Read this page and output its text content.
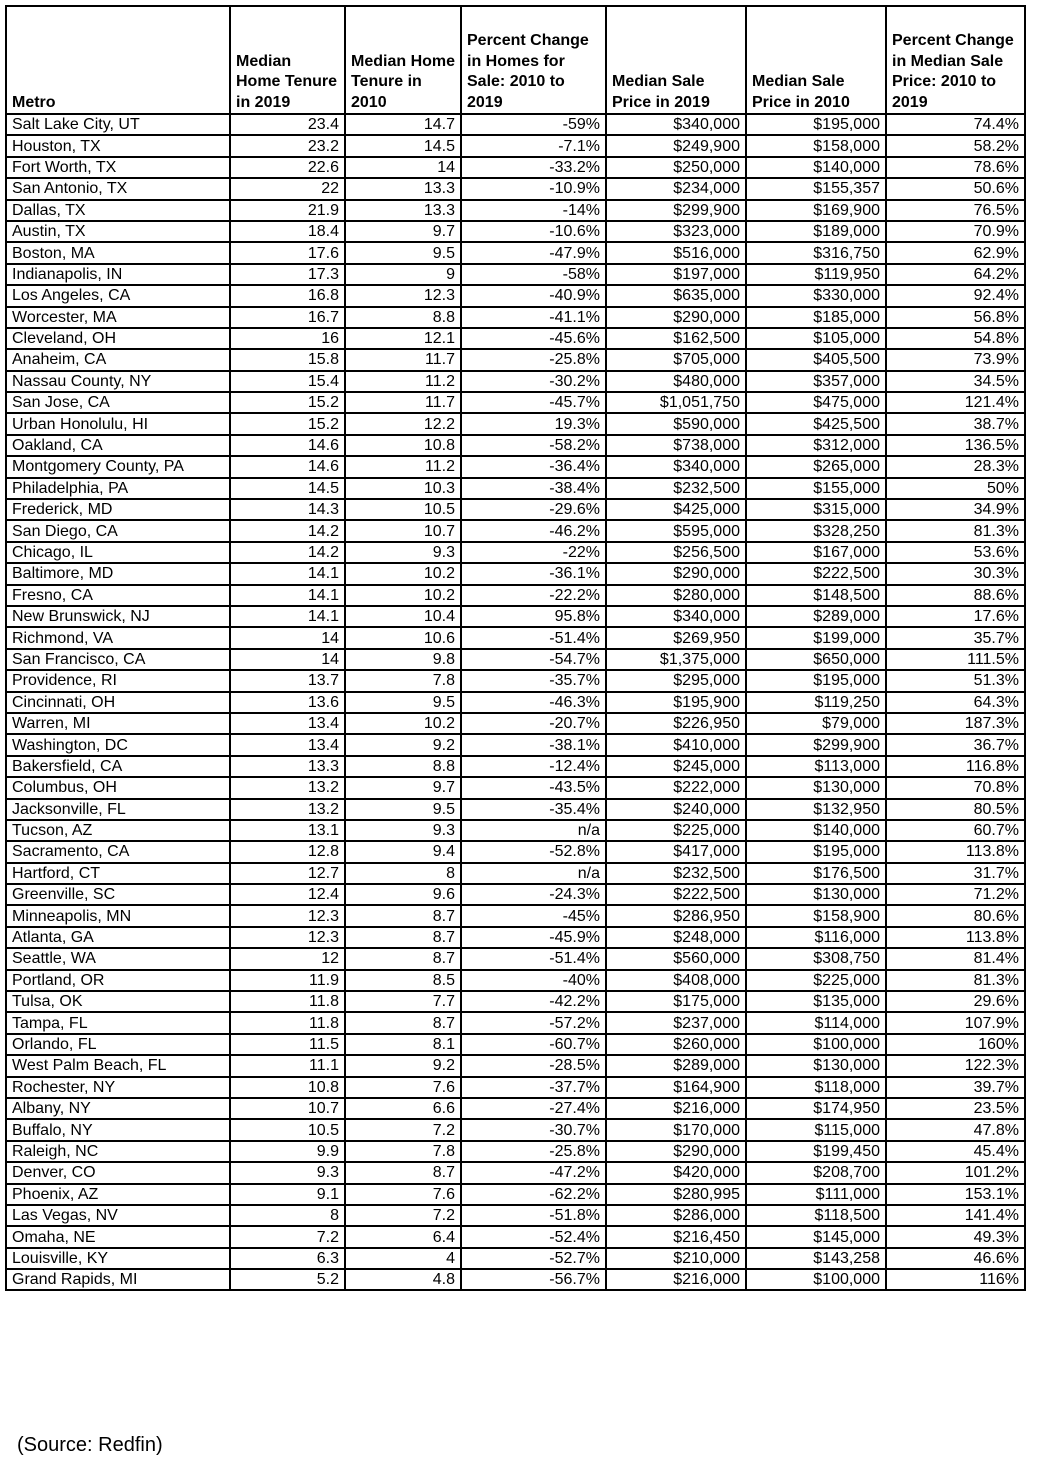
Metro	Median Home Tenure in 2019	Median Home Tenure in 2010	Percent Change in Homes for Sale: 2010 to 2019	Median Sale Price in 2019	Median Sale Price in 2010	Percent Change in Median Sale Price: 2010 to 2019
Salt Lake City, UT	23.4	14.7	-59%	$340,000	$195,000	74.4%
Houston, TX	23.2	14.5	-7.1%	$249,900	$158,000	58.2%
Fort Worth, TX	22.6	14	-33.2%	$250,000	$140,000	78.6%
San Antonio, TX	22	13.3	-10.9%	$234,000	$155,357	50.6%
Dallas, TX	21.9	13.3	-14%	$299,900	$169,900	76.5%
Austin, TX	18.4	9.7	-10.6%	$323,000	$189,000	70.9%
Boston, MA	17.6	9.5	-47.9%	$516,000	$316,750	62.9%
Indianapolis, IN	17.3	9	-58%	$197,000	$119,950	64.2%
Los Angeles, CA	16.8	12.3	-40.9%	$635,000	$330,000	92.4%
Worcester, MA	16.7	8.8	-41.1%	$290,000	$185,000	56.8%
Cleveland, OH	16	12.1	-45.6%	$162,500	$105,000	54.8%
Anaheim, CA	15.8	11.7	-25.8%	$705,000	$405,500	73.9%
Nassau County, NY	15.4	11.2	-30.2%	$480,000	$357,000	34.5%
San Jose, CA	15.2	11.7	-45.7%	$1,051,750	$475,000	121.4%
Urban Honolulu, HI	15.2	12.2	19.3%	$590,000	$425,500	38.7%
Oakland, CA	14.6	10.8	-58.2%	$738,000	$312,000	136.5%
Montgomery County, PA	14.6	11.2	-36.4%	$340,000	$265,000	28.3%
Philadelphia, PA	14.5	10.3	-38.4%	$232,500	$155,000	50%
Frederick, MD	14.3	10.5	-29.6%	$425,000	$315,000	34.9%
San Diego, CA	14.2	10.7	-46.2%	$595,000	$328,250	81.3%
Chicago, IL	14.2	9.3	-22%	$256,500	$167,000	53.6%
Baltimore, MD	14.1	10.2	-36.1%	$290,000	$222,500	30.3%
Fresno, CA	14.1	10.2	-22.2%	$280,000	$148,500	88.6%
New Brunswick, NJ	14.1	10.4	95.8%	$340,000	$289,000	17.6%
Richmond, VA	14	10.6	-51.4%	$269,950	$199,000	35.7%
San Francisco, CA	14	9.8	-54.7%	$1,375,000	$650,000	111.5%
Providence, RI	13.7	7.8	-35.7%	$295,000	$195,000	51.3%
Cincinnati, OH	13.6	9.5	-46.3%	$195,900	$119,250	64.3%
Warren, MI	13.4	10.2	-20.7%	$226,950	$79,000	187.3%
Washington, DC	13.4	9.2	-38.1%	$410,000	$299,900	36.7%
Bakersfield, CA	13.3	8.8	-12.4%	$245,000	$113,000	116.8%
Columbus, OH	13.2	9.7	-43.5%	$222,000	$130,000	70.8%
Jacksonville, FL	13.2	9.5	-35.4%	$240,000	$132,950	80.5%
Tucson, AZ	13.1	9.3	n/a	$225,000	$140,000	60.7%
Sacramento, CA	12.8	9.4	-52.8%	$417,000	$195,000	113.8%
Hartford, CT	12.7	8	n/a	$232,500	$176,500	31.7%
Greenville, SC	12.4	9.6	-24.3%	$222,500	$130,000	71.2%
Minneapolis, MN	12.3	8.7	-45%	$286,950	$158,900	80.6%
Atlanta, GA	12.3	8.7	-45.9%	$248,000	$116,000	113.8%
Seattle, WA	12	8.7	-51.4%	$560,000	$308,750	81.4%
Portland, OR	11.9	8.5	-40%	$408,000	$225,000	81.3%
Tulsa, OK	11.8	7.7	-42.2%	$175,000	$135,000	29.6%
Tampa, FL	11.8	8.7	-57.2%	$237,000	$114,000	107.9%
Orlando, FL	11.5	8.1	-60.7%	$260,000	$100,000	160%
West Palm Beach, FL	11.1	9.2	-28.5%	$289,000	$130,000	122.3%
Rochester, NY	10.8	7.6	-37.7%	$164,900	$118,000	39.7%
Albany, NY	10.7	6.6	-27.4%	$216,000	$174,950	23.5%
Buffalo, NY	10.5	7.2	-30.7%	$170,000	$115,000	47.8%
Raleigh, NC	9.9	7.8	-25.8%	$290,000	$199,450	45.4%
Denver, CO	9.3	8.7	-47.2%	$420,000	$208,700	101.2%
Phoenix, AZ	9.1	7.6	-62.2%	$280,995	$111,000	153.1%
Las Vegas, NV	8	7.2	-51.8%	$286,000	$118,500	141.4%
Omaha, NE	7.2	6.4	-52.4%	$216,450	$145,000	49.3%
Louisville, KY	6.3	4	-52.7%	$210,000	$143,258	46.6%
Grand Rapids, MI	5.2	4.8	-56.7%	$216,000	$100,000	116%
(Source: Redfin)
